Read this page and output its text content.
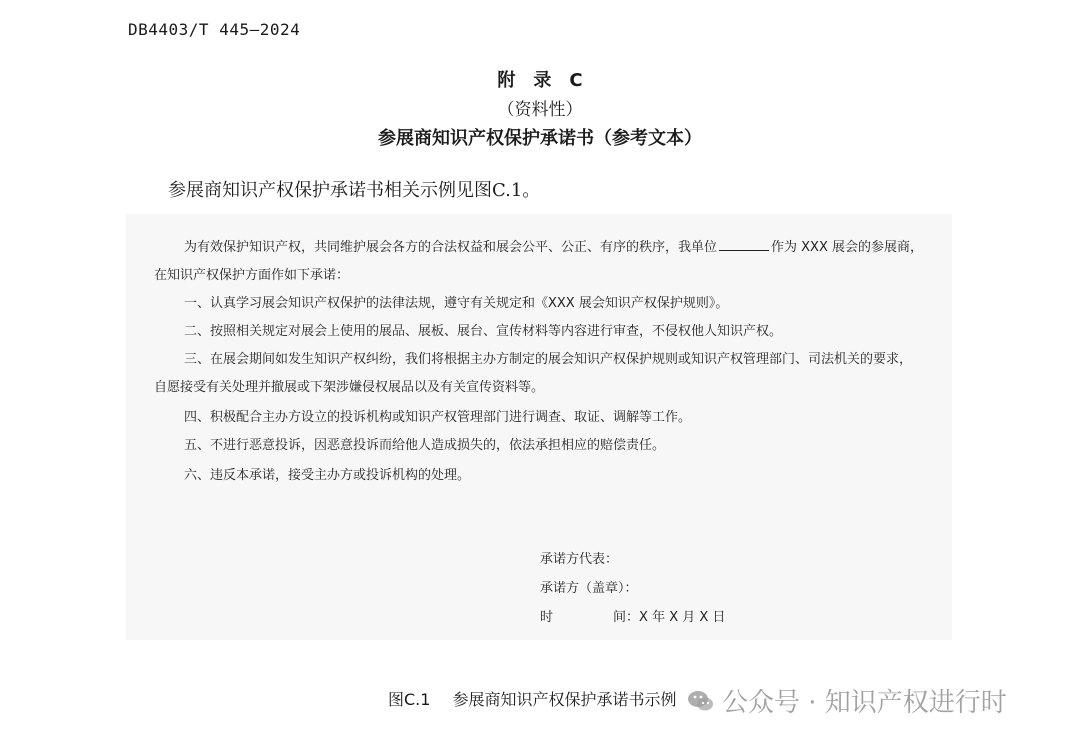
DB4403/T 445—2024
附　录　C
（资料性）
参展商知识产权保护承诺书（参考文本）
参展商知识产权保护承诺书相关示例见图C.1。
为有效保护知识产权，共同维护展会各方的合法权益和展会公平、公正、有序的秩序，我单位	作为 XXX 展会的参展商，
在知识产权保护方面作如下承诺：
一、认真学习展会知识产权保护的法律法规，遵守有关规定和《XXX 展会知识产权保护规则》。
二、按照相关规定对展会上使用的展品、展板、展台、宣传材料等内容进行审查，不侵权他人知识产权。
三、在展会期间如发生知识产权纠纷，我们将根据主办方制定的展会知识产权保护规则或知识产权管理部门、司法机关的要求，
自愿接受有关处理并撤展或下架涉嫌侵权展品以及有关宣传资料等。
四、积极配合主办方设立的投诉机构或知识产权管理部门进行调查、取证、调解等工作。
五、不进行恶意投诉，因恶意投诉而给他人造成损失的，依法承担相应的赔偿责任。
六、违反本承诺，接受主办方或投诉机构的处理。
承诺方代表：
承诺方（盖章）：
时	间：X 年 X 月 X 日
图C.1 参展商知识产权保护承诺书示例 公众号 · 知识产权进行时
